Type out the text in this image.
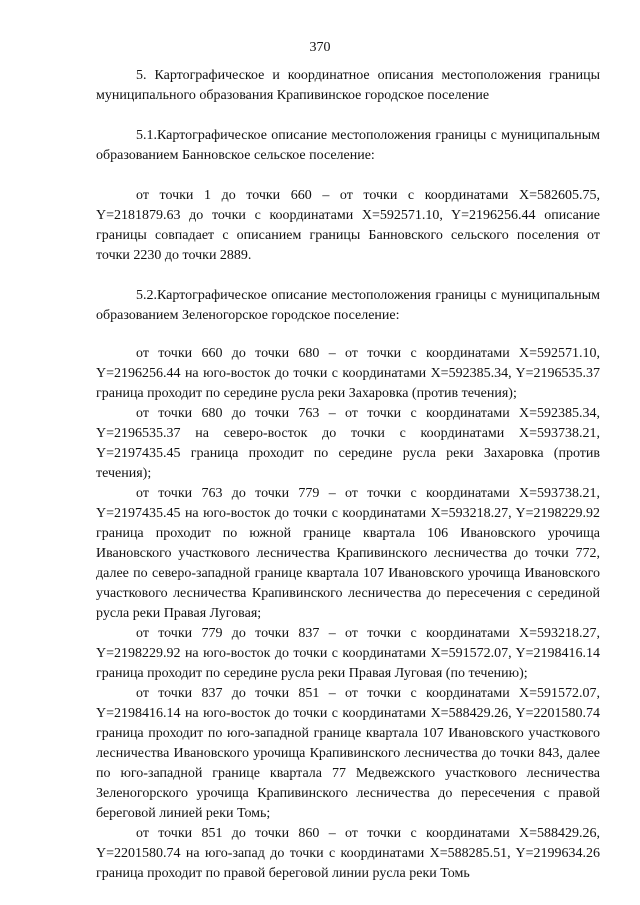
370

5. Картографическое и координатное описания местоположения границы муниципального образования Крапивинское городское поселение

5.1.Картографическое описание местоположения границы с муниципальным образованием Банновское сельское поселение:

от точки 1 до точки 660 – от точки с координатами X=582605.75, Y=2181879.63 до точки с координатами X=592571.10, Y=2196256.44 описание границы совпадает с описанием границы Банновского сельского поселения от точки 2230 до точки 2889.

5.2.Картографическое описание местоположения границы с муниципальным образованием Зеленогорское городское поселение:

от точки 660 до точки 680 – от точки с координатами X=592571.10, Y=2196256.44 на юго-восток до точки с координатами X=592385.34, Y=2196535.37 граница проходит по середине русла реки Захаровка (против течения);

от точки 680 до точки 763 – от точки с координатами X=592385.34, Y=2196535.37 на северо-восток до точки с координатами X=593738.21, Y=2197435.45 граница проходит по середине русла реки Захаровка (против течения);

от точки 763 до точки 779 – от точки с координатами X=593738.21, Y=2197435.45 на юго-восток до точки с координатами X=593218.27, Y=2198229.92 граница проходит по южной границе квартала 106 Ивановского урочища Ивановского участкового лесничества Крапивинского лесничества до точки 772, далее по северо-западной границе квартала 107 Ивановского урочища Ивановского участкового лесничества Крапивинского лесничества до пересечения с серединой русла реки Правая Луговая;

от точки 779 до точки 837 – от точки с координатами X=593218.27, Y=2198229.92 на юго-восток до точки с координатами X=591572.07, Y=2198416.14 граница проходит по середине русла реки Правая Луговая (по течению);

от точки 837 до точки 851 – от точки с координатами X=591572.07, Y=2198416.14 на юго-восток до точки с координатами X=588429.26, Y=2201580.74 граница проходит по юго-западной границе квартала 107 Ивановского участкового лесничества Ивановского урочища Крапивинского лесничества до точки 843, далее по юго-западной границе квартала 77 Медвежского участкового лесничества Зеленогорского урочища Крапивинского лесничества до пересечения с правой береговой линией реки Томь;

от точки 851 до точки 860 – от точки с координатами X=588429.26, Y=2201580.74 на юго-запад до точки с координатами X=588285.51, Y=2199634.26 граница проходит по правой береговой линии русла реки Томь
